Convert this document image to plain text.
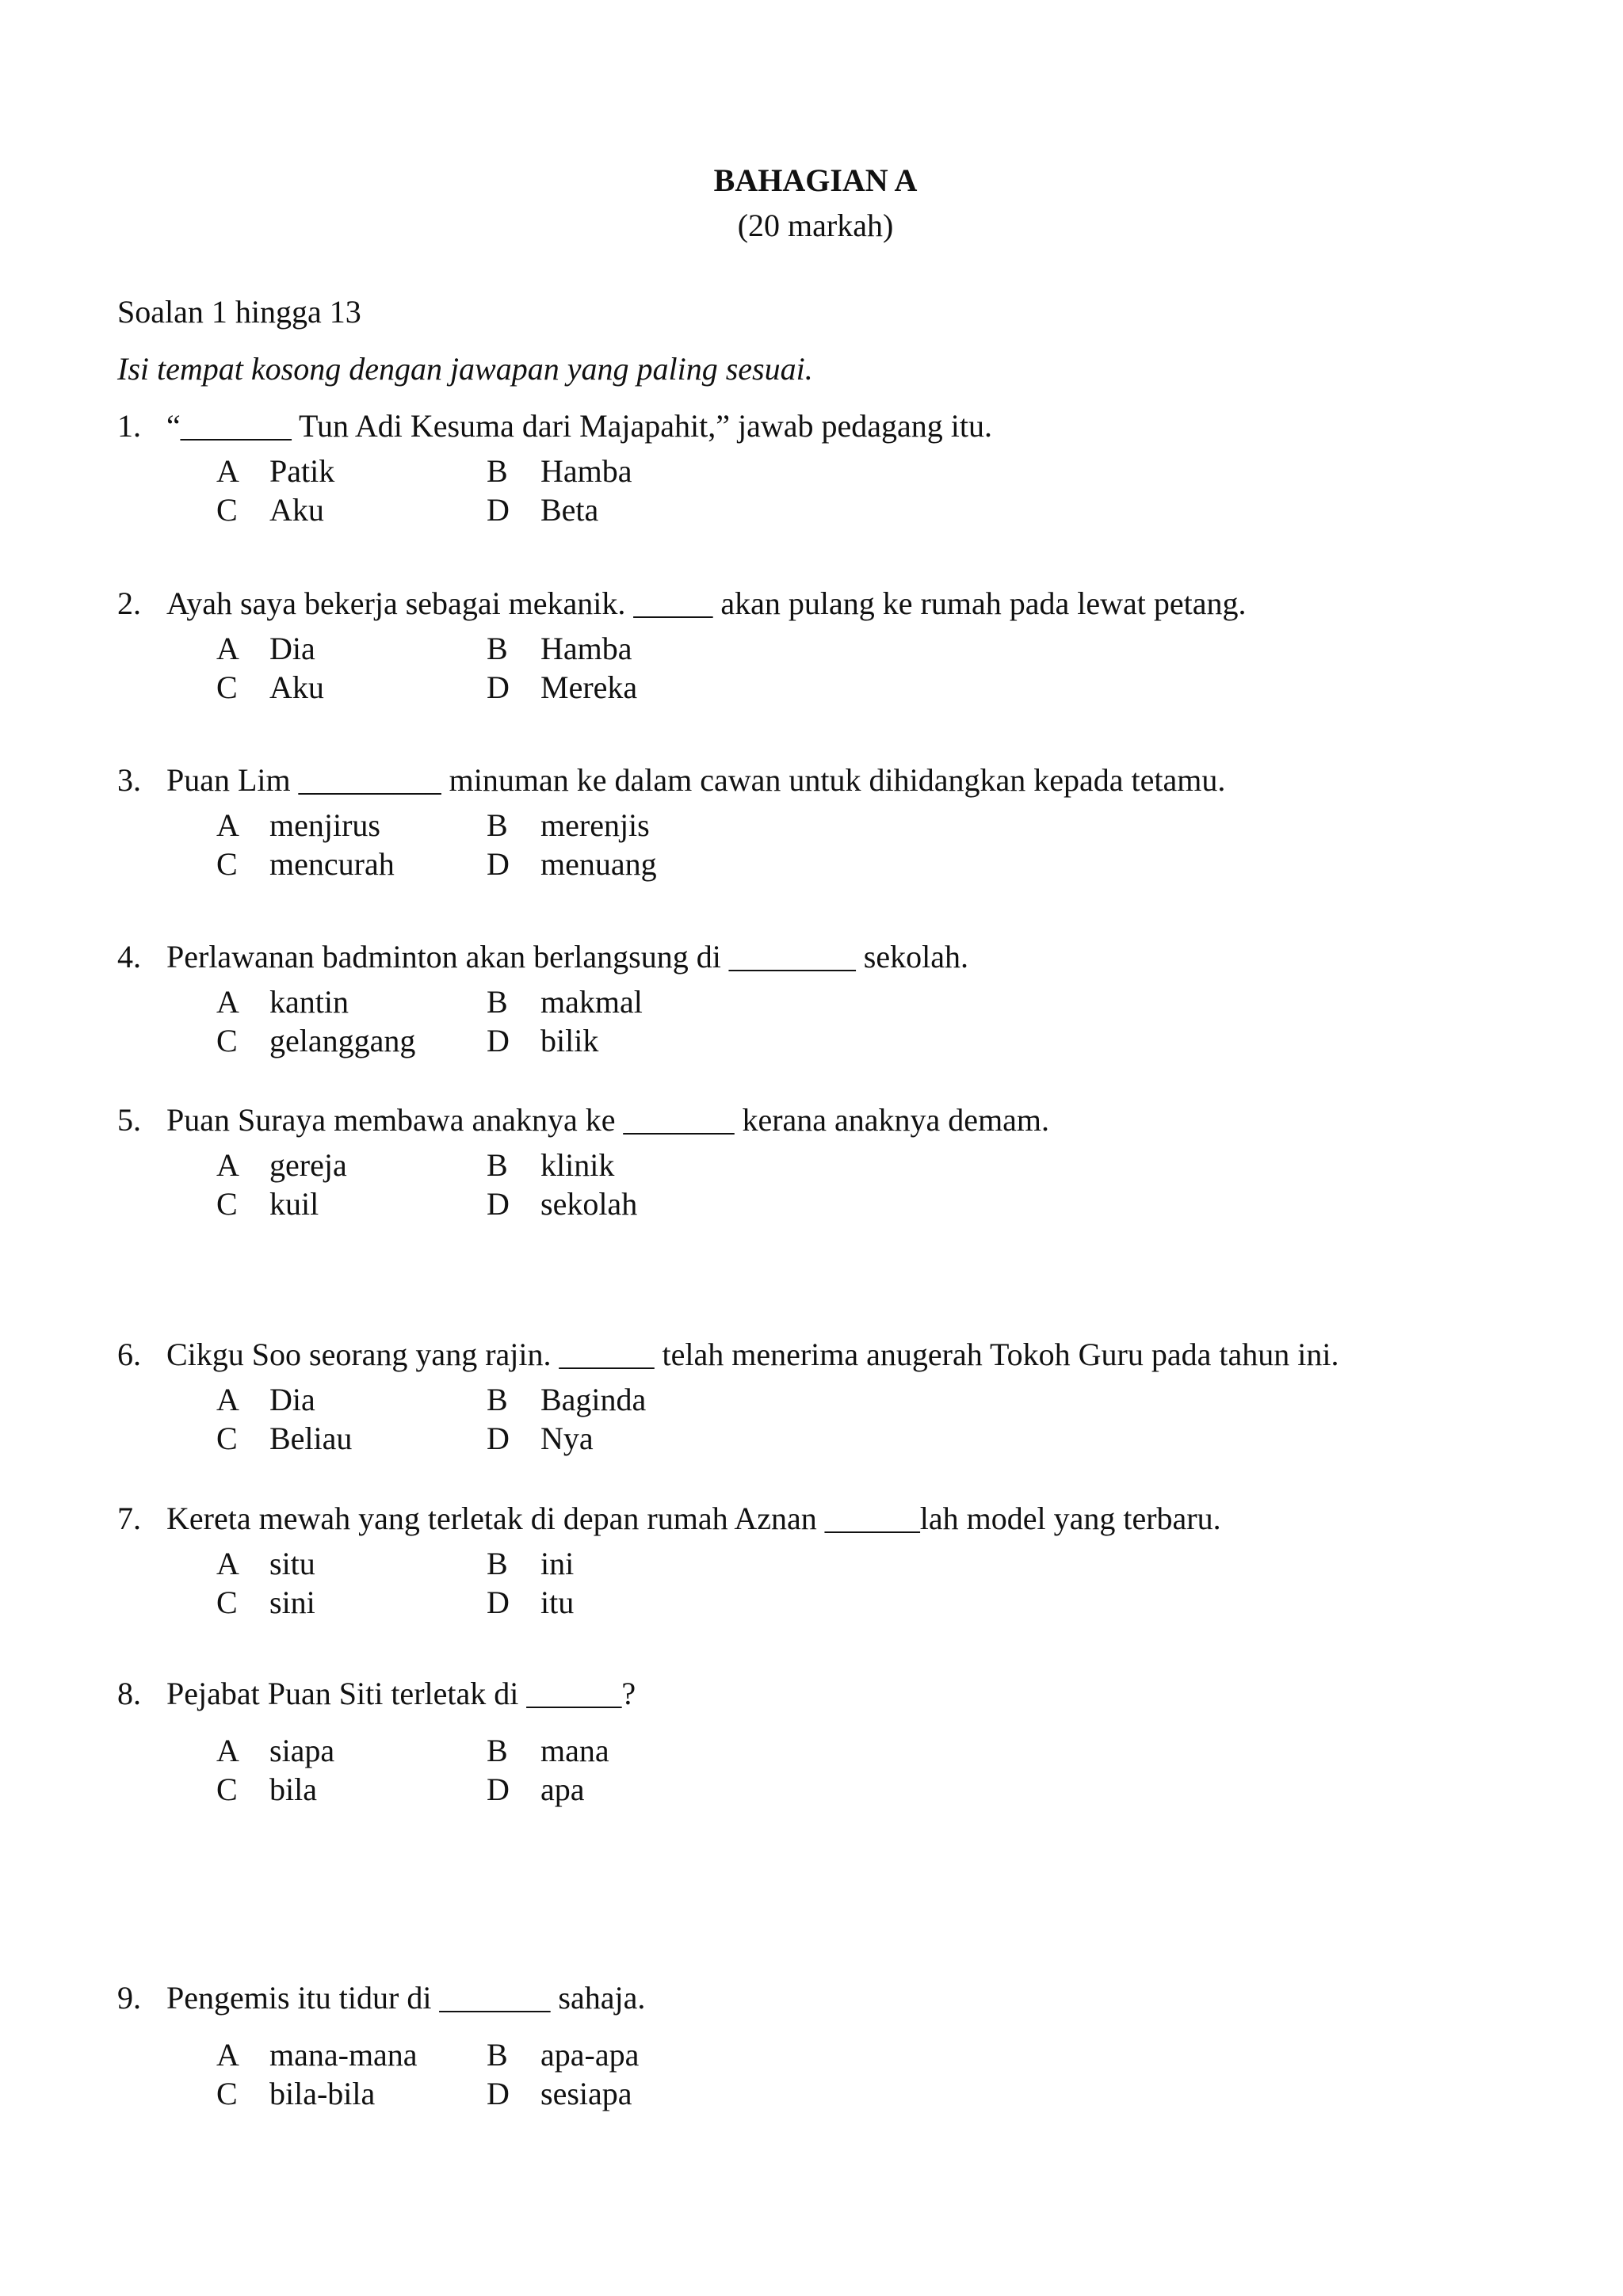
BAHAGIAN A
(20 markah)
Soalan 1 hingga 13
Isi tempat kosong dengan jawapan yang paling sesuai.
1. “_______ Tun Adi Kesuma dari Majapahit,” jawab pedagang itu.
A Patik	B Hamba
C Aku	D Beta
2. Ayah saya bekerja sebagai mekanik. _____ akan pulang ke rumah pada lewat petang.
A Dia	B Hamba
C Aku	D Mereka
3. Puan Lim _________ minuman ke dalam cawan untuk dihidangkan kepada tetamu.
A menjirus	B merenjis
C mencurah	D menuang
4. Perlawanan badminton akan berlangsung di ________ sekolah.
A kantin	B makmal
C gelanggang D bilik
5. Puan Suraya membawa anaknya ke _______ kerana anaknya demam.
A gereja	B klinik
C kuil	D sekolah
6. Cikgu Soo seorang yang rajin. ______ telah menerima anugerah Tokoh Guru pada tahun ini.
A Dia	B Baginda
C Beliau	D Nya
7. Kereta mewah yang terletak di depan rumah Aznan ______lah model yang terbaru.
A situ	B ini
C sini	D itu
8. Pejabat Puan Siti terletak di ______?
A siapa	B mana
C bila	D apa
9. Pengemis itu tidur di _______ sahaja.
A mana-mana B apa-apa
C bila-bila	D sesiapa
